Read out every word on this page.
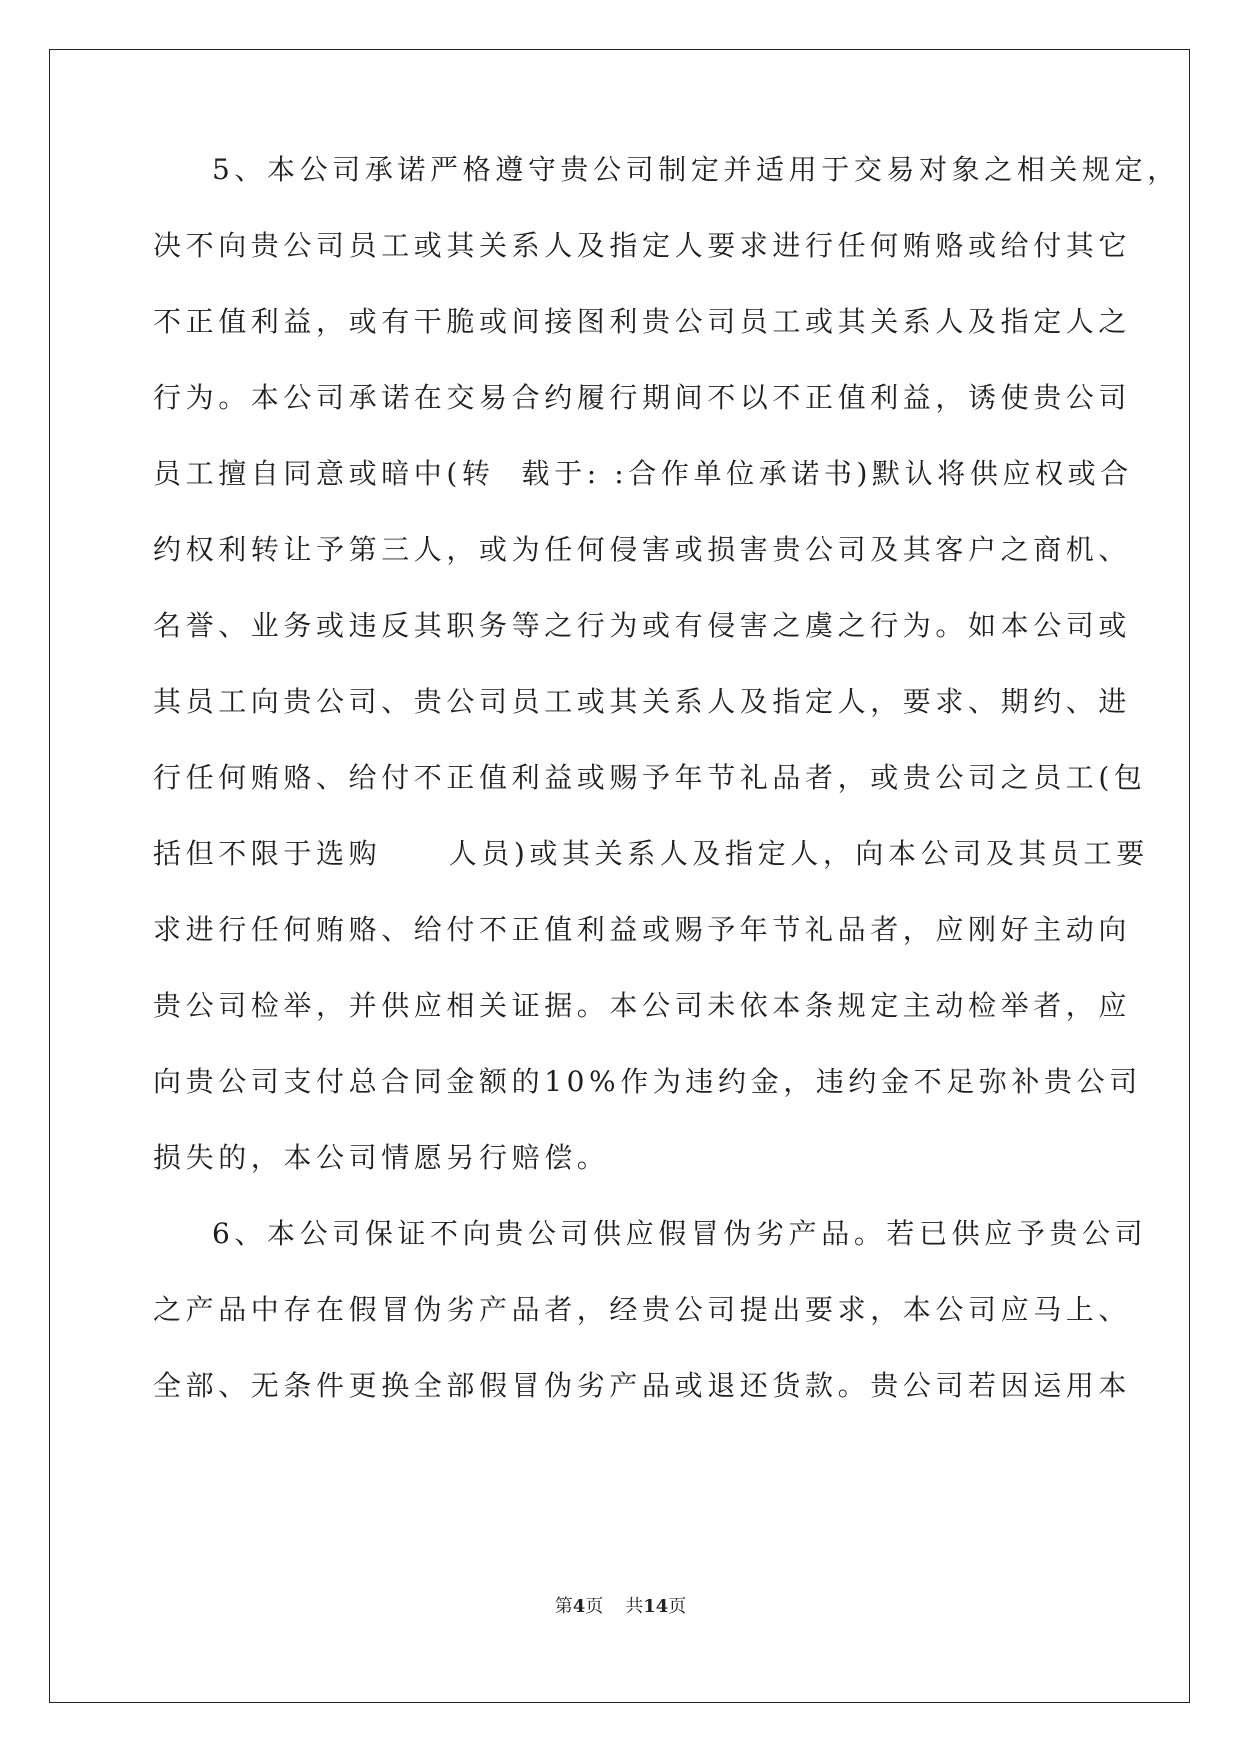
5、本公司承诺严格遵守贵公司制定并适用于交易对象之相关规定，
决不向贵公司员工或其关系人及指定人要求进行任何贿赂或给付其它
不正值利益，或有干脆或间接图利贵公司员工或其关系人及指定人之
行为。本公司承诺在交易合约履行期间不以不正值利益，诱使贵公司
员工擅自同意或暗中(转  载于: :合作单位承诺书)默认将供应权或合
约权利转让予第三人，或为任何侵害或损害贵公司及其客户之商机、
名誉、业务或违反其职务等之行为或有侵害之虞之行为。如本公司或
其员工向贵公司、贵公司员工或其关系人及指定人，要求、期约、进
行任何贿赂、给付不正值利益或赐予年节礼品者，或贵公司之员工(包
括但不限于选购     人员)或其关系人及指定人，向本公司及其员工要
求进行任何贿赂、给付不正值利益或赐予年节礼品者，应刚好主动向
贵公司检举，并供应相关证据。本公司未依本条规定主动检举者，应
向贵公司支付总合同金额的10%作为违约金，违约金不足弥补贵公司
损失的，本公司情愿另行赔偿。
6、本公司保证不向贵公司供应假冒伪劣产品。若已供应予贵公司
之产品中存在假冒伪劣产品者，经贵公司提出要求，本公司应马上、
全部、无条件更换全部假冒伪劣产品或退还货款。贵公司若因运用本
第4页 共14页
